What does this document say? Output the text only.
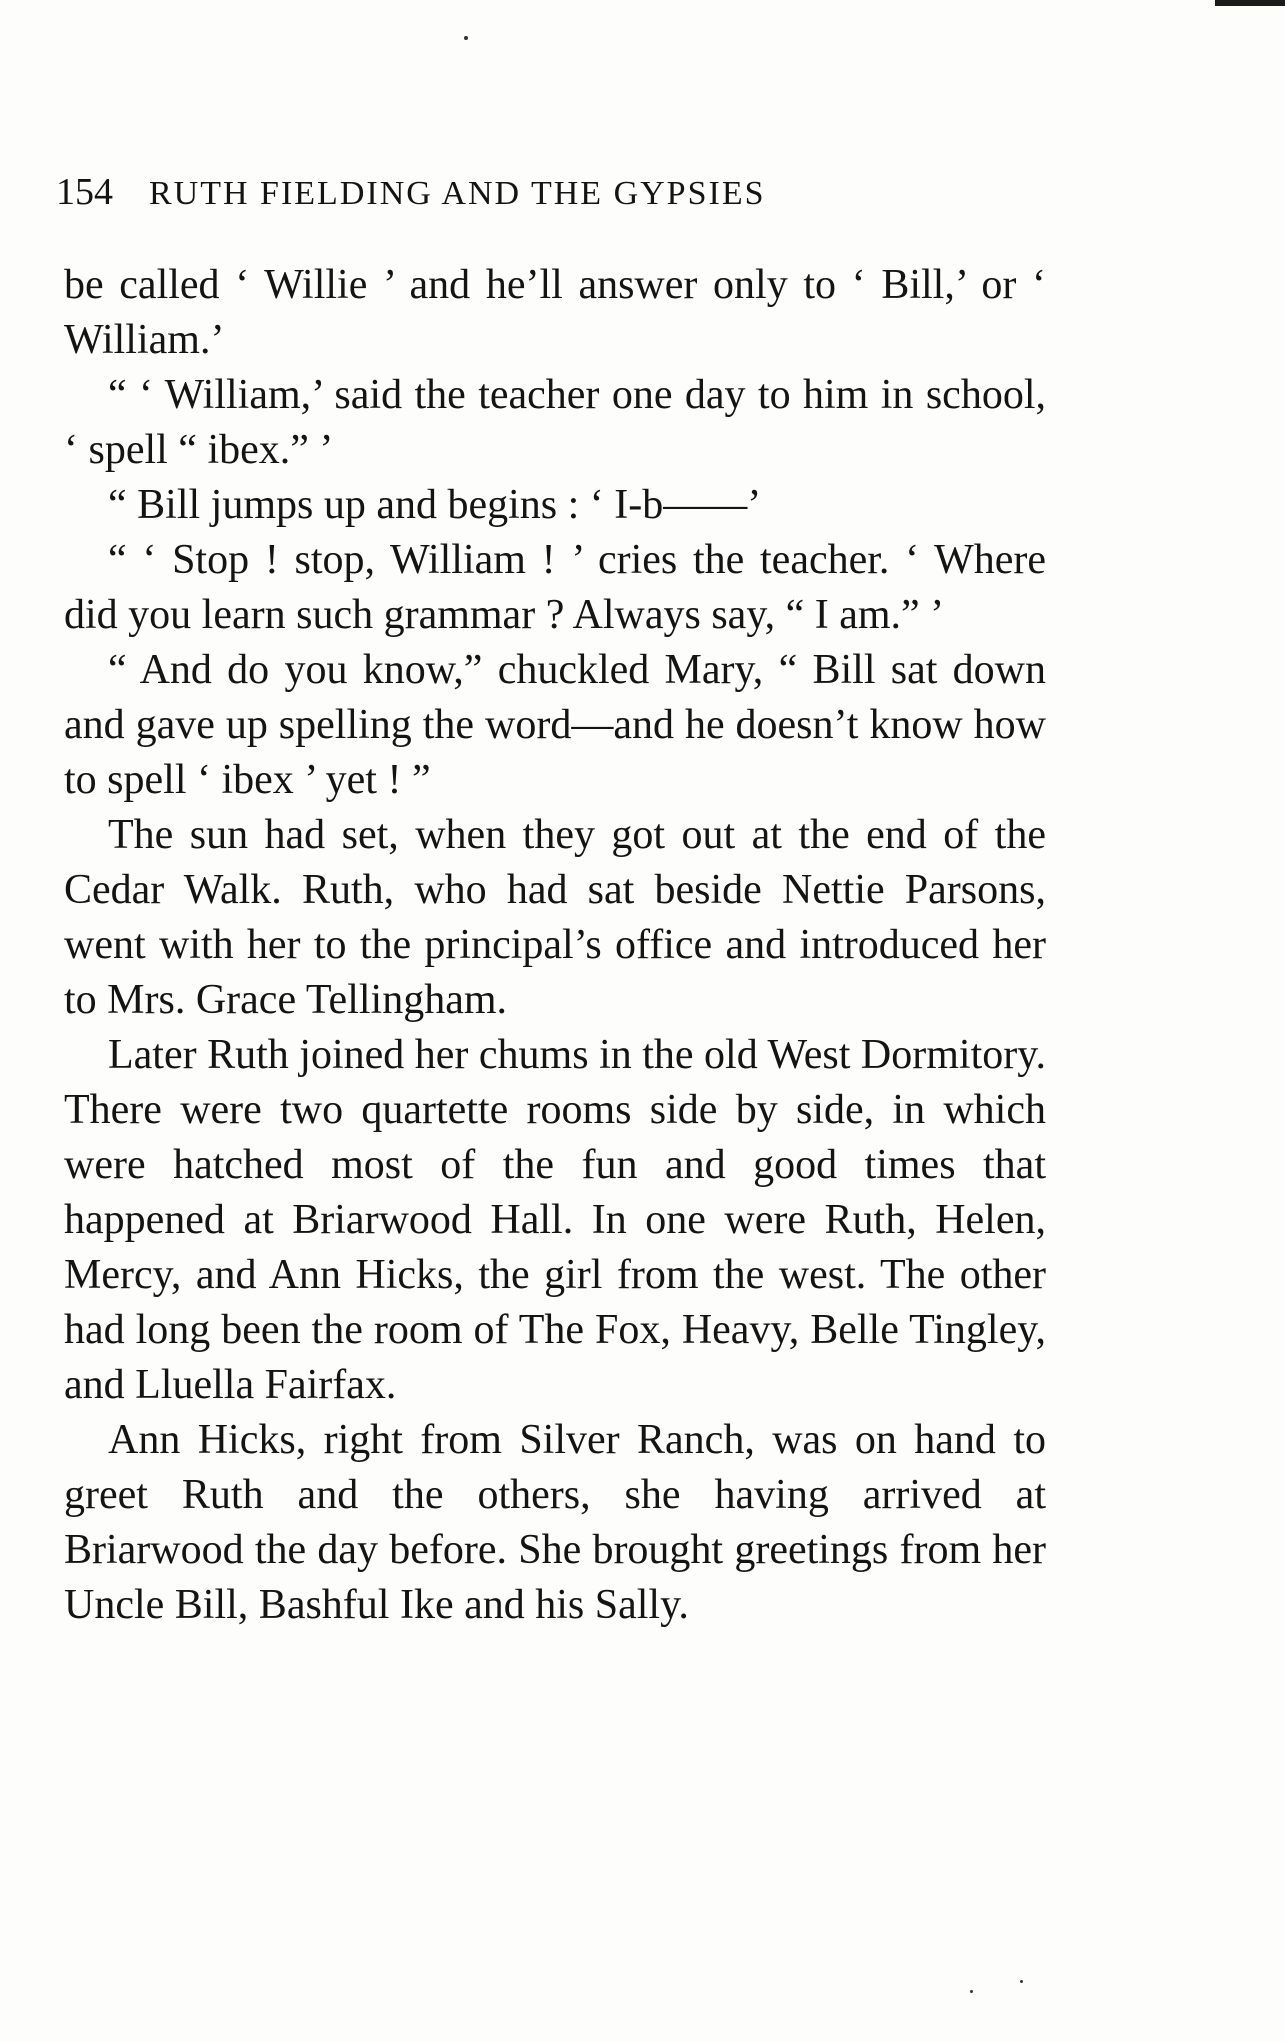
154 RUTH FIELDING AND THE GYPSIES

be called ‘ Willie ’ and he’ll answer only to ‘ Bill,’ or ‘ William.’

“ ‘ William,’ said the teacher one day to him in school, ‘ spell “ ibex.” ’

“ Bill jumps up and begins : ‘ I-b——’

“ ‘ Stop ! stop, William ! ’ cries the teacher. ‘ Where did you learn such grammar ? Always say, “ I am.” ’

“ And do you know,” chuckled Mary, “ Bill sat down and gave up spelling the word—and he doesn’t know how to spell ‘ ibex ’ yet ! ”

The sun had set, when they got out at the end of the Cedar Walk. Ruth, who had sat beside Nettie Parsons, went with her to the principal’s office and introduced her to Mrs. Grace Tellingham.

Later Ruth joined her chums in the old West Dormitory. There were two quartette rooms side by side, in which were hatched most of the fun and good times that happened at Briarwood Hall. In one were Ruth, Helen, Mercy, and Ann Hicks, the girl from the west. The other had long been the room of The Fox, Heavy, Belle Tingley, and Lluella Fairfax.

Ann Hicks, right from Silver Ranch, was on hand to greet Ruth and the others, she having arrived at Briarwood the day before. She brought greetings from her Uncle Bill, Bashful Ike and his Sally.
